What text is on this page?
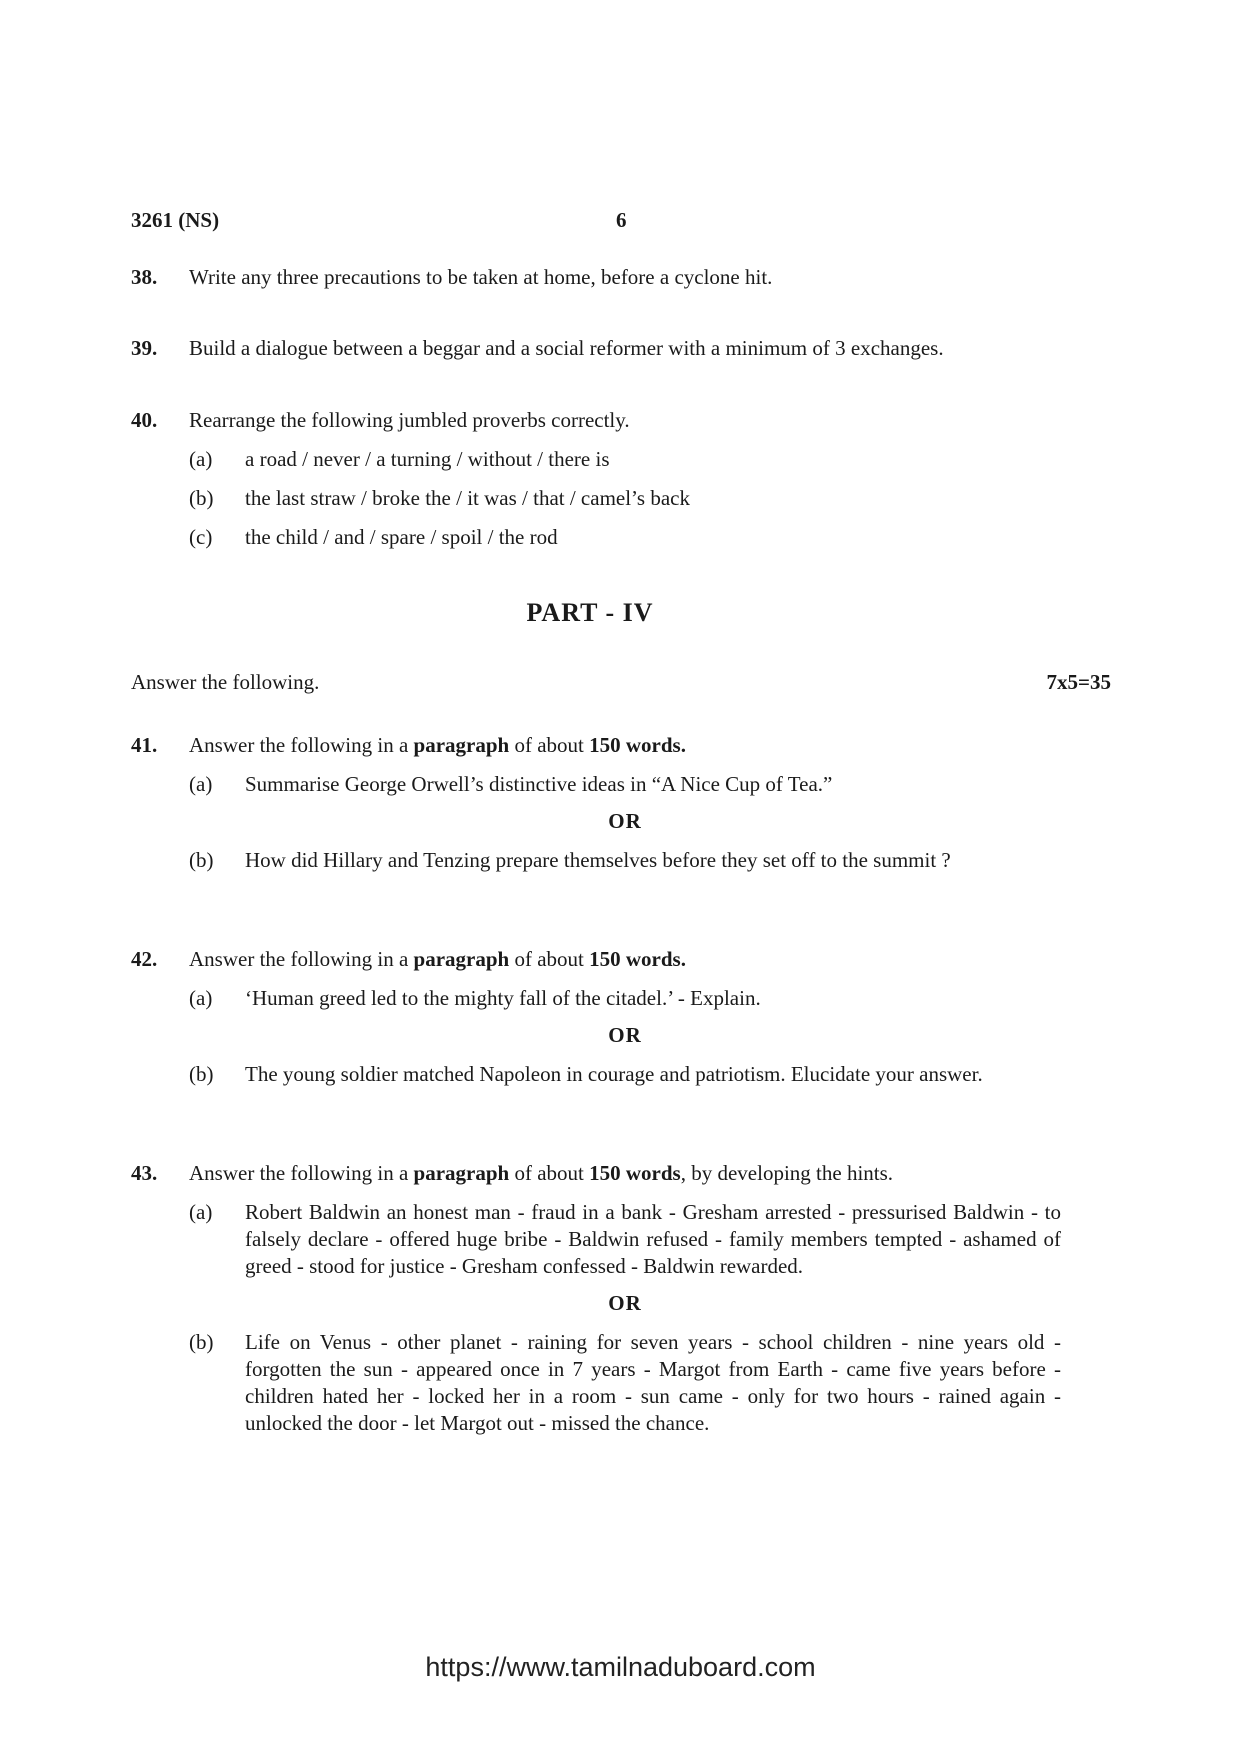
3261 (NS)	6
38. Write any three precautions to be taken at home, before a cyclone hit.
39. Build a dialogue between a beggar and a social reformer with a minimum of 3 exchanges.
40. Rearrange the following jumbled proverbs correctly.
(a) a road / never / a turning / without / there is
(b) the last straw / broke the / it was / that / camel’s back
(c) the child / and / spare / spoil / the rod
PART - IV
Answer the following.	7x5=35
41. Answer the following in a paragraph of about 150 words.
(a) Summarise George Orwell’s distinctive ideas in “A Nice Cup of Tea.”
OR
(b) How did Hillary and Tenzing prepare themselves before they set off to the summit ?
42. Answer the following in a paragraph of about 150 words.
(a) ‘Human greed led to the mighty fall of the citadel.’ - Explain.
OR
(b) The young soldier matched Napoleon in courage and patriotism. Elucidate your answer.
43. Answer the following in a paragraph of about 150 words, by developing the hints.
(a) Robert Baldwin an honest man - fraud in a bank - Gresham arrested - pressurised Baldwin - to falsely declare - offered huge bribe - Baldwin refused - family members tempted - ashamed of greed - stood for justice - Gresham confessed - Baldwin rewarded.
OR
(b) Life on Venus - other planet - raining for seven years - school children - nine years old - forgotten the sun - appeared once in 7 years - Margot from Earth - came five years before - children hated her - locked her in a room - sun came - only for two hours - rained again - unlocked the door - let Margot out - missed the chance.
https://www.tamilnaduboard.com
